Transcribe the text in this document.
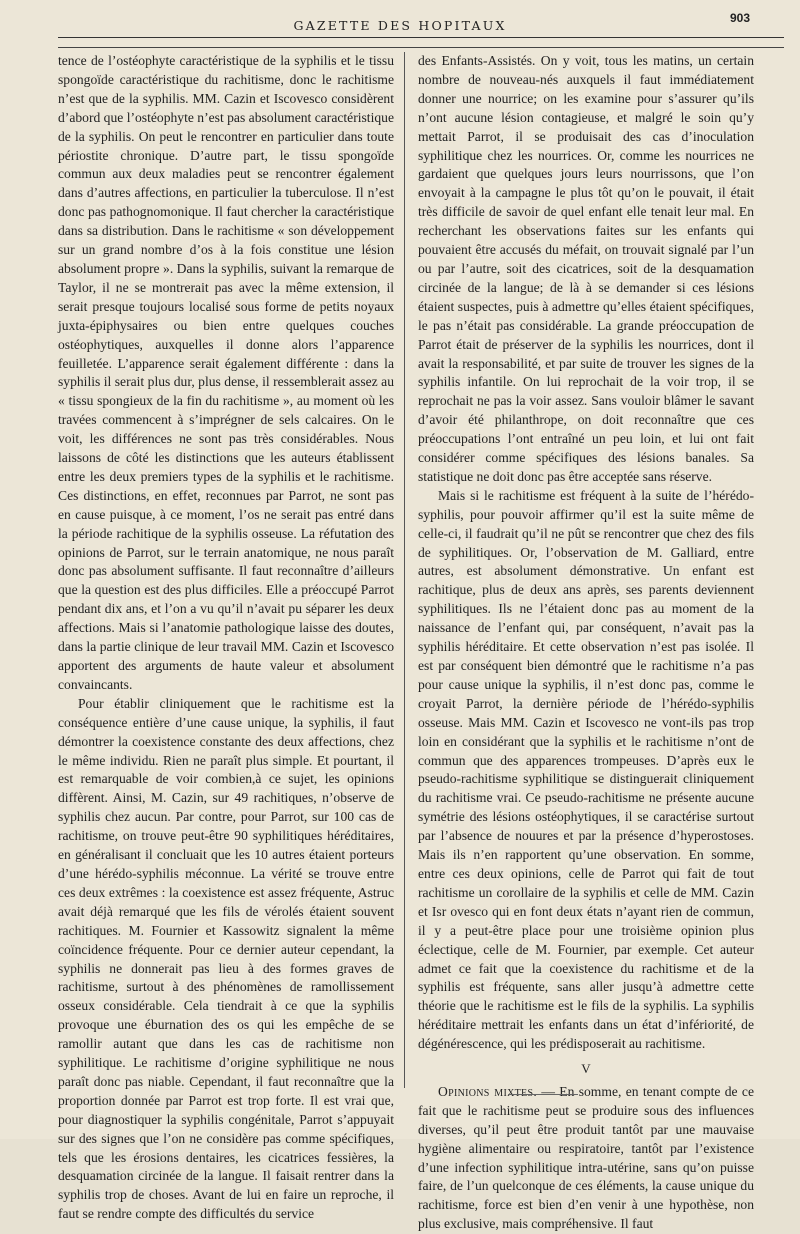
GAZETTE DES HOPITAUX	903

tence de l’ostéophyte caractéristique de la syphilis et le tissu spongoïde caractéristique du rachitisme, donc le rachitisme n’est que de la syphilis. MM. Cazin et Iscovesco considèrent d’abord que l’ostéophyte n’est pas absolument caractéristique de la syphilis. On peut le rencontrer en particulier dans toute périostite chronique. D’autre part, le tissu spongoïde commun aux deux maladies peut se rencontrer également dans d’autres affections, en particulier la tuberculose. Il n’est donc pas pathognomonique. Il faut chercher la caractéristique dans sa distribution. Dans le rachitisme « son développement sur un grand nombre d’os à la fois constitue une lésion absolument propre ». Dans la syphilis, suivant la remarque de Taylor, il ne se montrerait pas avec la même extension, il serait presque toujours localisé sous forme de petits noyaux juxta-épiphysaires ou bien entre quelques couches ostéophytiques, auxquelles il donne alors l’apparence feuilletée. L’apparence serait également différente : dans la syphilis il serait plus dur, plus dense, il ressemblerait assez au « tissu spongieux de la fin du rachitisme », au moment où les travées commencent à s’imprégner de sels calcaires. On le voit, les différences ne sont pas très considérables. Nous laissons de côté les distinctions que les auteurs établissent entre les deux premiers types de la syphilis et le rachitisme. Ces distinctions, en effet, reconnues par Parrot, ne sont pas en cause puisque, à ce moment, l’os ne serait pas entré dans la période rachitique de la syphilis osseuse. La réfutation des opinions de Parrot, sur le terrain anatomique, ne nous paraît donc pas absolument suffisante. Il faut reconnaître d’ailleurs que la question est des plus difficiles. Elle a préoccupé Parrot pendant dix ans, et l’on a vu qu’il n’avait pu séparer les deux affections. Mais si l’anatomie pathologique laisse des doutes, dans la partie clinique de leur travail MM. Cazin et Iscovesco apportent des arguments de haute valeur et absolument convaincants.

Pour établir cliniquement que le rachitisme est la conséquence entière d’une cause unique, la syphilis, il faut démontrer la coexistence constante des deux affections, chez le même individu. Rien ne paraît plus simple. Et pourtant, il est remarquable de voir combien,à ce sujet, les opinions diffèrent. Ainsi, M. Cazin, sur 49 rachitiques, n’observe de syphilis chez aucun. Par contre, pour Parrot, sur 100 cas de rachitisme, on trouve peut-être 90 syphilitiques héréditaires, en généralisant il concluait que les 10 autres étaient porteurs d’une hérédo-syphilis méconnue. La vérité se trouve entre ces deux extrêmes : la coexistence est assez fréquente, Astruc avait déjà remarqué que les fils de vérolés étaient souvent rachitiques. M. Fournier et Kassowitz signalent la même coïncidence fréquente. Pour ce dernier auteur cependant, la syphilis ne donnerait pas lieu à des formes graves de rachitisme, surtout à des phénomènes de ramollissement osseux considérable. Cela tiendrait à ce que la syphilis provoque une éburnation des os qui les empêche de se ramollir autant que dans les cas de rachitisme non syphilitique. Le rachitisme d’origine syphilitique ne nous paraît donc pas niable. Cependant, il faut reconnaître que la proportion donnée par Parrot est trop forte. Il est vrai que, pour diagnostiquer la syphilis congénitale, Parrot s’appuyait sur des signes que l’on ne considère pas comme spécifiques, tels que les érosions dentaires, les cicatrices fessières, la desquamation circinée de la langue. Il faisait rentrer dans la syphilis trop de choses. Avant de lui en faire un reproche, il faut se rendre compte des difficultés du service

des Enfants-Assistés. On y voit, tous les matins, un certain nombre de nouveau-nés auxquels il faut immédiatement donner une nourrice; on les examine pour s’assurer qu’ils n’ont aucune lésion contagieuse, et malgré le soin qu’y mettait Parrot, il se produisait des cas d’inoculation syphilitique chez les nourrices. Or, comme les nourrices ne gardaient que quelques jours leurs nourrissons, que l’on envoyait à la campagne le plus tôt qu’on le pouvait, il était très difficile de savoir de quel enfant elle tenait leur mal. En recherchant les observations faites sur les enfants qui pouvaient être accusés du méfait, on trouvait signalé par l’un ou par l’autre, soit des cicatrices, soit de la desquamation circinée de la langue; de là à se demander si ces lésions étaient suspectes, puis à admettre qu’elles étaient spécifiques, le pas n’était pas considérable. La grande préoccupation de Parrot était de préserver de la syphilis les nourrices, dont il avait la responsabilité, et par suite de trouver les signes de la syphilis infantile. On lui reprochait de la voir trop, il se reprochait ne pas la voir assez. Sans vouloir blâmer le savant d’avoir été philanthrope, on doit reconnaître que ces préoccupations l’ont entraîné un peu loin, et lui ont fait considérer comme spécifiques des lésions banales. Sa statistique ne doit donc pas être acceptée sans réserve.

Mais si le rachitisme est fréquent à la suite de l’hérédo-syphilis, pour pouvoir affirmer qu’il est la suite même de celle-ci, il faudrait qu’il ne pût se rencontrer que chez des fils de syphilitiques. Or, l’observation de M. Galliard, entre autres, est absolument démonstrative. Un enfant est rachitique, plus de deux ans après, ses parents deviennent syphilitiques. Ils ne l’étaient donc pas au moment de la naissance de l’enfant qui, par conséquent, n’avait pas la syphilis héréditaire. Et cette observation n’est pas isolée. Il est par conséquent bien démontré que le rachitisme n’a pas pour cause unique la syphilis, il n’est donc pas, comme le croyait Parrot, la dernière période de l’hérédo-syphilis osseuse. Mais MM. Cazin et Iscovesco ne vont-ils pas trop loin en considérant que la syphilis et le rachitisme n’ont de commun que des apparences trompeuses. D’après eux le pseudo-rachitisme syphilitique se distinguerait cliniquement du rachitisme vrai. Ce pseudo-rachitisme ne présente aucune symétrie des lésions ostéophytiques, il se caractérise surtout par l’absence de nouures et par la présence d’hyperostoses. Mais ils n’en rapportent qu’une observation. En somme, entre ces deux opinions, celle de Parrot qui fait de tout rachitisme un corollaire de la syphilis et celle de MM. Cazin et Isr ovesco qui en font deux états n’ayant rien de commun, il y a peut-être place pour une troisième opinion plus éclectique, celle de M. Fournier, par exemple. Cet auteur admet ce fait que la coexistence du rachitisme et de la syphilis est fréquente, sans aller jusqu’à admettre cette théorie que le rachitisme est le fils de la syphilis. La syphilis héréditaire mettrait les enfants dans un état d’infériorité, de dégénérescence, qui les prédisposerait au rachitisme.

V

Opinions mixtes. — En somme, en tenant compte de ce fait que le rachitisme peut se produire sous des influences diverses, qu’il peut être produit tantôt par une mauvaise hygiène alimentaire ou respiratoire, tantôt par l’existence d’une infection syphilitique intra-utérine, sans qu’on puisse faire, de l’un quelconque de ces éléments, la cause unique du rachitisme, force est bien d’en venir à une hypothèse, non plus exclusive, mais compréhensive. Il faut
